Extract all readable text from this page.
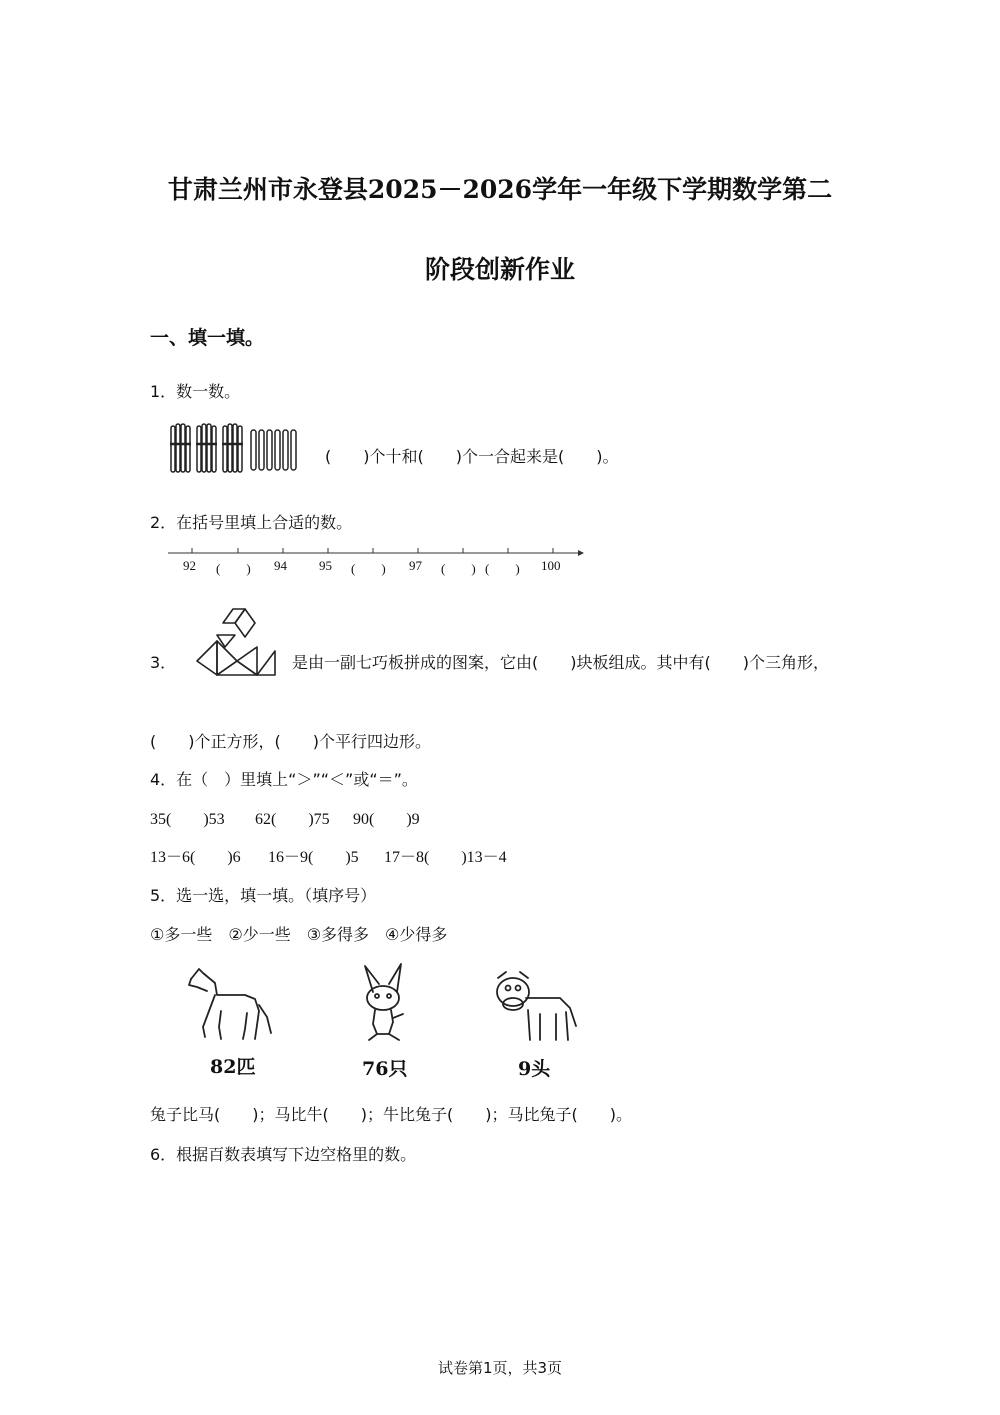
甘肃兰州市永登县2025－2026学年一年级下学期数学第二
阶段创新作业
一、填一填。
1．数一数。
(　　)个十和(　　)个一合起来是(　　)。
2．在括号里填上合适的数。
92 (　　) 94 95 (　　) 97 (　　) (　　) 100
3．	是由一副七巧板拼成的图案，它由(　　)块板组成。其中有(　　)个三角形，
(　　)个正方形，(　　)个平行四边形。
4．在（　）里填上“＞”“＜”或“＝”。
35(　　)53 62(　　)75 90(　　)9
13－6(　　)6 16－9(　　)5 17－8(　　)13－4
5．选一选，填一填。（填序号）
①多一些　②少一些　③多得多　④少得多
82匹	76只	9头
兔子比马(　　)；马比牛(　　)；牛比兔子(　　)；马比兔子(　　)。
6．根据百数表填写下边空格里的数。
试卷第1页，共3页
